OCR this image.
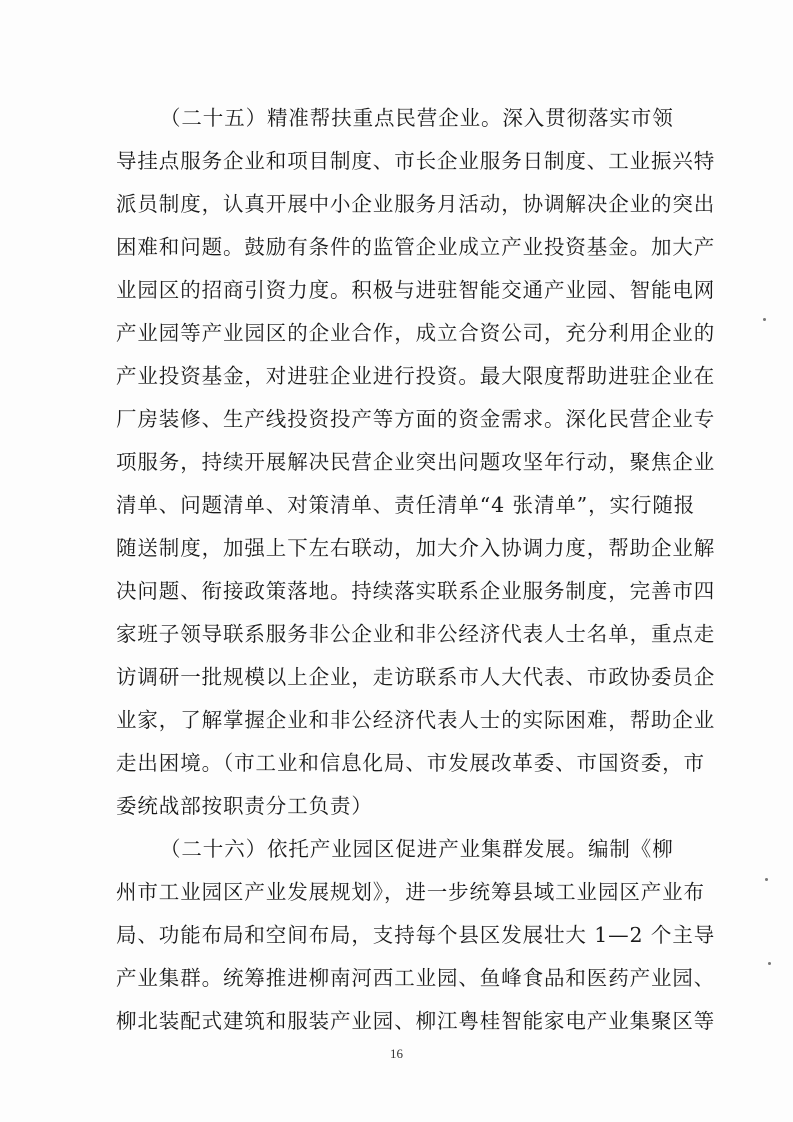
（二十五）精准帮扶重点民营企业。深入贯彻落实市领
导挂点服务企业和项目制度、市长企业服务日制度、工业振兴特
派员制度，认真开展中小企业服务月活动，协调解决企业的突出
困难和问题。鼓励有条件的监管企业成立产业投资基金。加大产
业园区的招商引资力度。积极与进驻智能交通产业园、智能电网
产业园等产业园区的企业合作，成立合资公司，充分利用企业的
产业投资基金，对进驻企业进行投资。最大限度帮助进驻企业在
厂房装修、生产线投资投产等方面的资金需求。深化民营企业专
项服务，持续开展解决民营企业突出问题攻坚年行动，聚焦企业
清单、问题清单、对策清单、责任清单“4 张清单”，实行随报
随送制度，加强上下左右联动，加大介入协调力度，帮助企业解
决问题、衔接政策落地。持续落实联系企业服务制度，完善市四
家班子领导联系服务非公企业和非公经济代表人士名单，重点走
访调研一批规模以上企业，走访联系市人大代表、市政协委员企
业家，了解掌握企业和非公经济代表人士的实际困难，帮助企业
走出困境。（市工业和信息化局、市发展改革委、市国资委，市
委统战部按职责分工负责）
（二十六）依托产业园区促进产业集群发展。编制《柳
州市工业园区产业发展规划》，进一步统筹县域工业园区产业布
局、功能布局和空间布局，支持每个县区发展壮大 1—2 个主导
产业集群。统筹推进柳南河西工业园、鱼峰食品和医药产业园、
柳北装配式建筑和服装产业园、柳江粤桂智能家电产业集聚区等
16
